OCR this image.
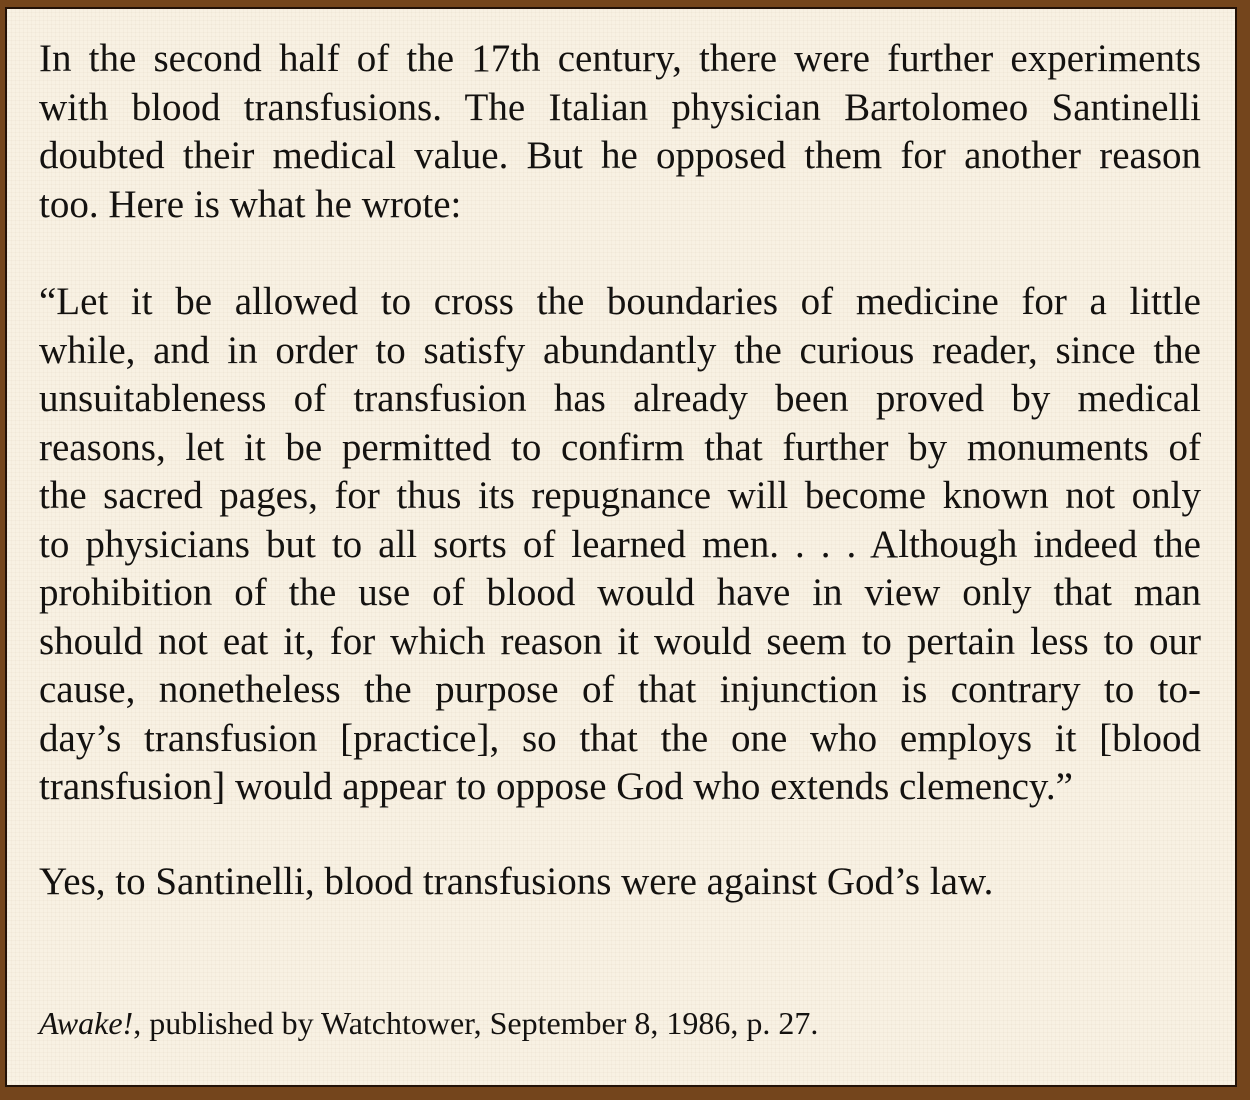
In the second half of the 17th century, there were further experiments
with blood transfusions. The Italian physician Bartolomeo Santinelli
doubted their medical value. But he opposed them for another reason
too. Here is what he wrote:
“Let it be allowed to cross the boundaries of medicine for a little
while, and in order to satisfy abundantly the curious reader, since the
unsuitableness of transfusion has already been proved by medical
reasons, let it be permitted to confirm that further by monuments of
the sacred pages, for thus its repugnance will become known not only
to physicians but to all sorts of learned men. . . . Although indeed the
prohibition of the use of blood would have in view only that man
should not eat it, for which reason it would seem to pertain less to our
cause, nonetheless the purpose of that injunction is contrary to to-
day’s transfusion [practice], so that the one who employs it [blood
transfusion] would appear to oppose God who extends clemency.”
Yes, to Santinelli, blood transfusions were against God’s law.
Awake!, published by Watchtower, September 8, 1986, p. 27.
